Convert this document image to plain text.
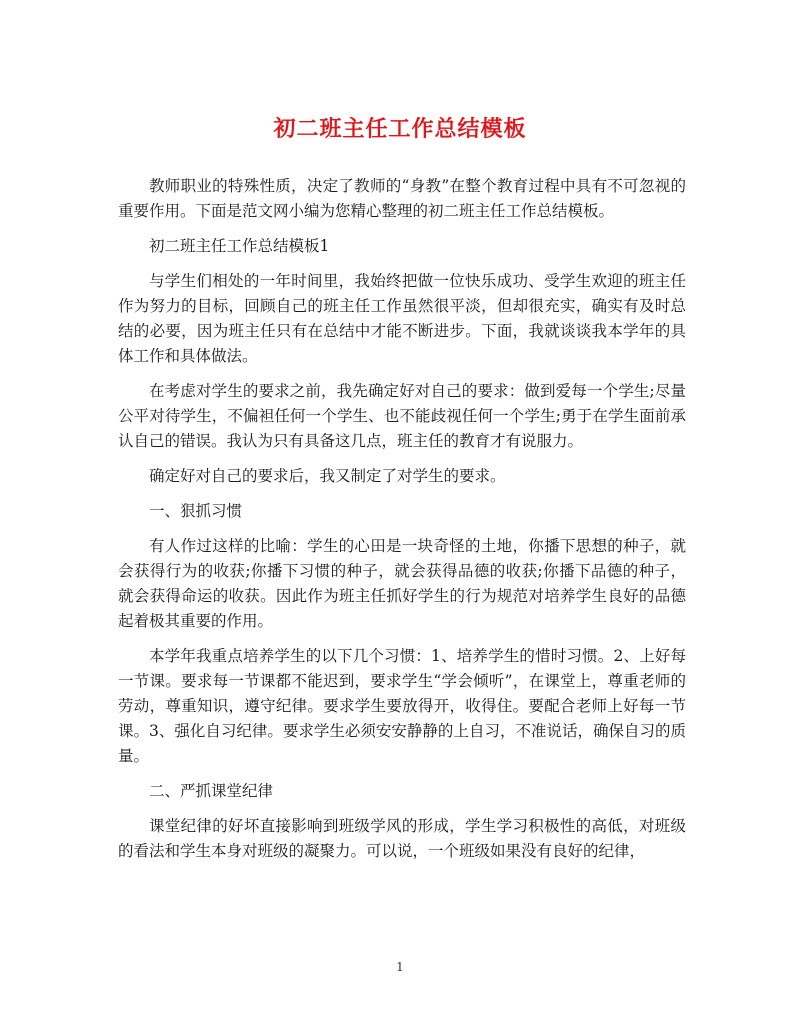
初二班主任工作总结模板

教师职业的特殊性质，决定了教师的“身教”在整个教育过程中具有不可忽视的重要作用。下面是范文网小编为您精心整理的初二班主任工作总结模板。

初二班主任工作总结模板1

与学生们相处的一年时间里，我始终把做一位快乐成功、受学生欢迎的班主任作为努力的目标，回顾自己的班主任工作虽然很平淡，但却很充实，确实有及时总结的必要，因为班主任只有在总结中才能不断进步。下面，我就谈谈我本学年的具体工作和具体做法。

在考虑对学生的要求之前，我先确定好对自己的要求：做到爱每一个学生;尽量公平对待学生，不偏袒任何一个学生、也不能歧视任何一个学生;勇于在学生面前承认自己的错误。我认为只有具备这几点，班主任的教育才有说服力。

确定好对自己的要求后，我又制定了对学生的要求。

一、狠抓习惯

有人作过这样的比喻：学生的心田是一块奇怪的土地，你播下思想的种子，就会获得行为的收获;你播下习惯的种子，就会获得品德的收获;你播下品德的种子，就会获得命运的收获。因此作为班主任抓好学生的行为规范对培养学生良好的品德起着极其重要的作用。

本学年我重点培养学生的以下几个习惯：1、培养学生的惜时习惯。2、上好每一节课。要求每一节课都不能迟到，要求学生“学会倾听”，在课堂上，尊重老师的劳动，尊重知识，遵守纪律。要求学生要放得开，收得住。要配合老师上好每一节课。3、强化自习纪律。要求学生必须安安静静的上自习，不准说话，确保自习的质量。

二、严抓课堂纪律

课堂纪律的好坏直接影响到班级学风的形成，学生学习积极性的高低，对班级的看法和学生本身对班级的凝聚力。可以说，一个班级如果没有良好的纪律，

1
